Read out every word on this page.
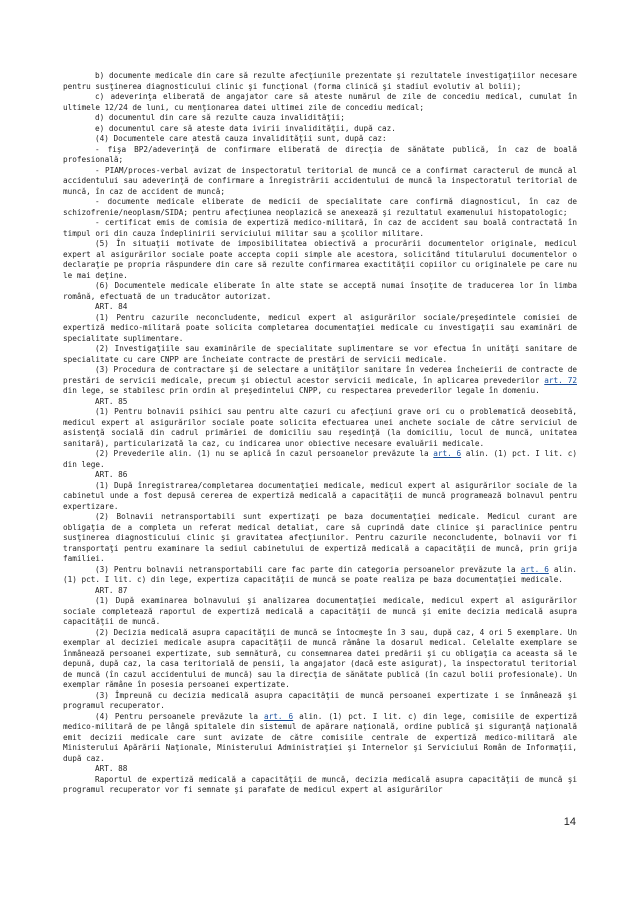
b) documente medicale din care să rezulte afecţiunile prezentate şi rezultatele investigaţiilor necesare pentru susţinerea diagnosticului clinic şi funcţional (forma clinică şi stadiul evolutiv al bolii);

c) adeverinţa eliberată de angajator care să ateste numărul de zile de concediu medical, cumulat în ultimele 12/24 de luni, cu menţionarea datei ultimei zile de concediu medical;

d) documentul din care să rezulte cauza invalidităţii;

e) documentul care să ateste data ivirii invalidităţii, după caz.

(4) Documentele care atestă cauza invalidităţii sunt, după caz:

- fişa BP2/adeverinţă de confirmare eliberată de direcţia de sănătate publică, în caz de boală profesională;

- PIAM/proces-verbal avizat de inspectoratul teritorial de muncă ce a confirmat caracterul de muncă al accidentului sau adeverinţă de confirmare a înregistrării accidentului de muncă la inspectoratul teritorial de muncă, în caz de accident de muncă;

- documente medicale eliberate de medicii de specialitate care confirmă diagnosticul, în caz de schizofrenie/neoplasm/SIDA; pentru afecţiunea neoplazică se anexează şi rezultatul examenului histopatologic;

- certificat emis de comisia de expertiză medico-militară, în caz de accident sau boală contractată în timpul ori din cauza îndeplinirii serviciului militar sau a şcolilor militare.

(5) În situaţii motivate de imposibilitatea obiectivă a procurării documentelor originale, medicul expert al asigurărilor sociale poate accepta copii simple ale acestora, solicitând titularului documentelor o declaraţie pe propria răspundere din care să rezulte confirmarea exactităţii copiilor cu originalele pe care nu le mai deţine.

(6) Documentele medicale eliberate în alte state se acceptă numai însoţite de traducerea lor în limba română, efectuată de un traducător autorizat.

ART. 84

(1) Pentru cazurile neconcludente, medicul expert al asigurărilor sociale/preşedintele comisiei de expertiză medico-militară poate solicita completarea documentaţiei medicale cu investigaţii sau examinări de specialitate suplimentare.

(2) Investigaţiile sau examinările de specialitate suplimentare se vor efectua în unităţi sanitare de specialitate cu care CNPP are încheiate contracte de prestări de servicii medicale.

(3) Procedura de contractare şi de selectare a unităţilor sanitare în vederea încheierii de contracte de prestări de servicii medicale, precum şi obiectul acestor servicii medicale, în aplicarea prevederilor art. 72 din lege, se stabilesc prin ordin al preşedintelui CNPP, cu respectarea prevederilor legale în domeniu.

ART. 85

(1) Pentru bolnavii psihici sau pentru alte cazuri cu afecţiuni grave ori cu o problematică deosebită, medicul expert al asigurărilor sociale poate solicita efectuarea unei anchete sociale de către serviciul de asistenţă socială din cadrul primăriei de domiciliu sau reşedinţă (la domiciliu, locul de muncă, unitatea sanitară), particularizată la caz, cu indicarea unor obiective necesare evaluării medicale.

(2) Prevederile alin. (1) nu se aplică în cazul persoanelor prevăzute la art. 6 alin. (1) pct. I lit. c) din lege.

ART. 86

(1) După înregistrarea/completarea documentaţiei medicale, medicul expert al asigurărilor sociale de la cabinetul unde a fost depusă cererea de expertiză medicală a capacităţii de muncă programează bolnavul pentru expertizare.

(2) Bolnavii netransportabili sunt expertizaţi pe baza documentaţiei medicale. Medicul curant are obligaţia de a completa un referat medical detaliat, care să cuprindă date clinice şi paraclinice pentru susţinerea diagnosticului clinic şi gravitatea afecţiunilor. Pentru cazurile neconcludente, bolnavii vor fi transportaţi pentru examinare la sediul cabinetului de expertiză medicală a capacităţii de muncă, prin grija familiei.

(3) Pentru bolnavii netransportabili care fac parte din categoria persoanelor prevăzute la art. 6 alin. (1) pct. I lit. c) din lege, expertiza capacităţii de muncă se poate realiza pe baza documentaţiei medicale.

ART. 87

(1) După examinarea bolnavului şi analizarea documentaţiei medicale, medicul expert al asigurărilor sociale completează raportul de expertiză medicală a capacităţii de muncă şi emite decizia medicală asupra capacităţii de muncă.

(2) Decizia medicală asupra capacităţii de muncă se întocmeşte în 3 sau, după caz, 4 ori 5 exemplare. Un exemplar al deciziei medicale asupra capacităţii de muncă rămâne la dosarul medical. Celelalte exemplare se înmânează persoanei expertizate, sub semnătură, cu consemnarea datei predării şi cu obligaţia ca aceasta să le depună, după caz, la casa teritorială de pensii, la angajator (dacă este asigurat), la inspectoratul teritorial de muncă (în cazul accidentului de muncă) sau la direcţia de sănătate publică (în cazul bolii profesionale). Un exemplar rămâne în posesia persoanei expertizate.

(3) Împreună cu decizia medicală asupra capacităţii de muncă persoanei expertizate i se înmânează şi programul recuperator.

(4) Pentru persoanele prevăzute la art. 6 alin. (1) pct. I lit. c) din lege, comisiile de expertiză medico-militară de pe lângă spitalele din sistemul de apărare naţională, ordine publică şi siguranţă naţională emit decizii medicale care sunt avizate de către comisiile centrale de expertiză medico-militară ale Ministerului Apărării Naţionale, Ministerului Administraţiei şi Internelor şi Serviciului Român de Informaţii, după caz.

ART. 88

Raportul de expertiză medicală a capacităţii de muncă, decizia medicală asupra capacităţii de muncă şi programul recuperator vor fi semnate şi parafate de medicul expert al asigurărilor

14
